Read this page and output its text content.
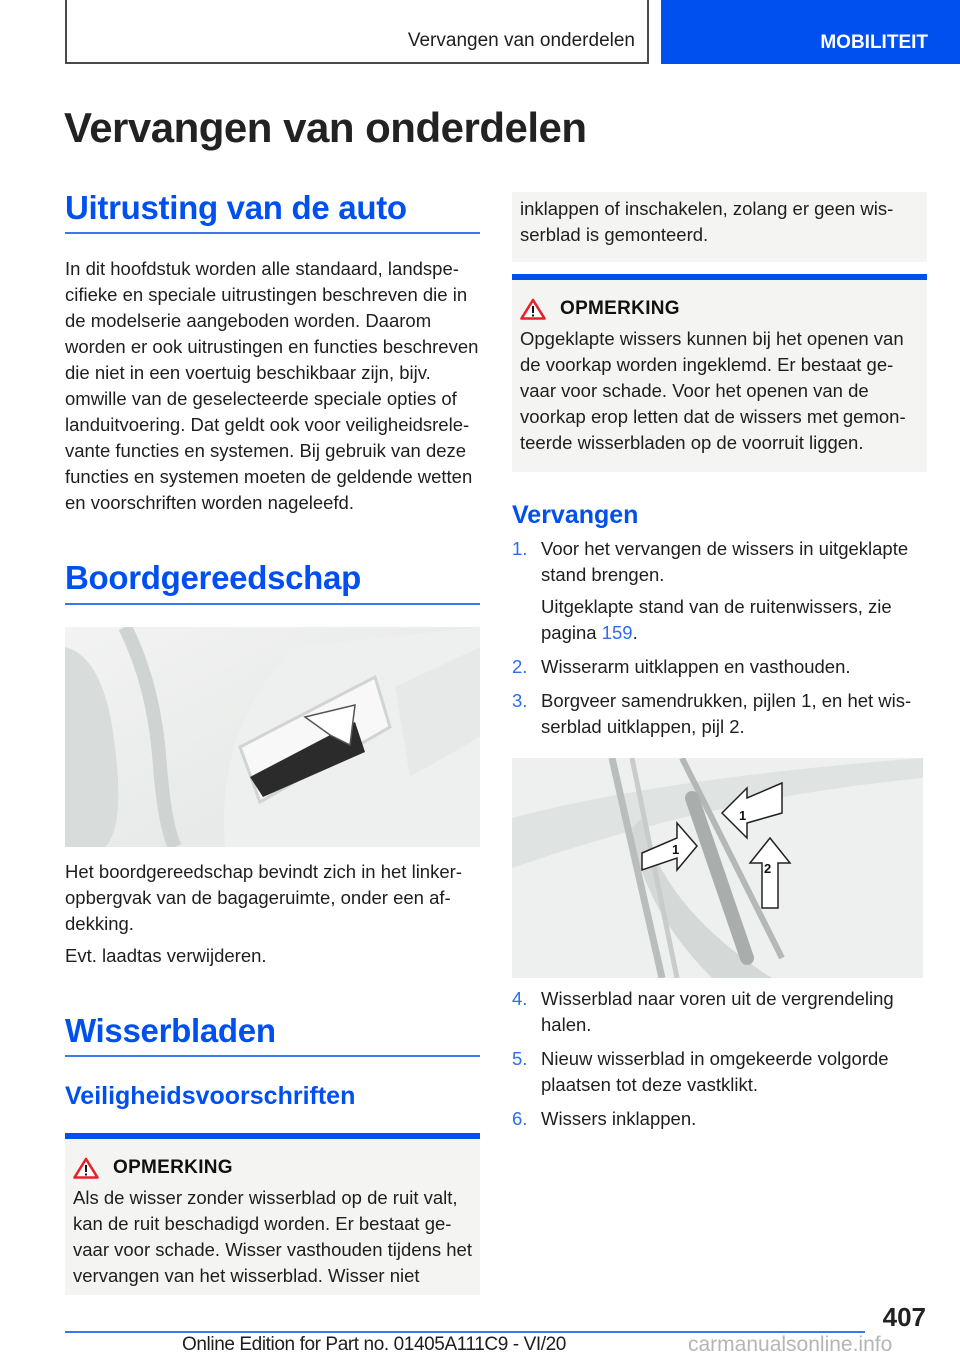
Vervangen van onderdelen	MOBILITEIT
Vervangen van onderdelen
Uitrusting van de auto

In dit hoofdstuk worden alle standaard, landspecifieke en speciale uitrustingen beschreven die in de modelserie aangeboden worden. Daarom worden er ook uitrustingen en functies beschreven die niet in een voertuig beschikbaar zijn, bijv. omwille van de geselecteerde speciale opties of landuitvoering. Dat geldt ook voor veiligheidsrelevante functies en systemen. Bij gebruik van deze functies en systemen moeten de geldende wetten en voorschriften worden nageleefd.

Boordgereedschap

Het boordgereedschap bevindt zich in het linkeropbergvak van de bagageruimte, onder een afdekking.

Evt. laadtas verwijderen.

Wisserbladen
Veiligheidsvoorschriften
OPMERKING

Als de wisser zonder wisserblad op de ruit valt, kan de ruit beschadigd worden. Er bestaat gevaar voor schade. Wisser vasthouden tijdens het vervangen van het wisserblad. Wisser niet

inklappen of inschakelen, zolang er geen wisserblad is gemonteerd.

OPMERKING

Opgeklapte wissers kunnen bij het openen van de voorkap worden ingeklemd. Er bestaat gevaar voor schade. Voor het openen van de voorkap erop letten dat de wissers met gemonteerde wisserbladen op de voorruit liggen.

Vervangen
1. Voor het vervangen de wissers in uitgeklapte stand brengen.
Uitgeklapte stand van de ruitenwissers, zie pagina 159.
2. Wisserarm uitklappen en vasthouden.
3. Borgveer samendrukken, pijlen 1, en het wisserblad uitklappen, pijl 2.
1
1
2
4. Wisserblad naar voren uit de vergrendeling halen.
5. Nieuw wisserblad in omgekeerde volgorde plaatsen tot deze vastklikt.
6. Wissers inklappen.
407
Online Edition for Part no. 01405A111C9 - VI/20	carmanualsonline.info
